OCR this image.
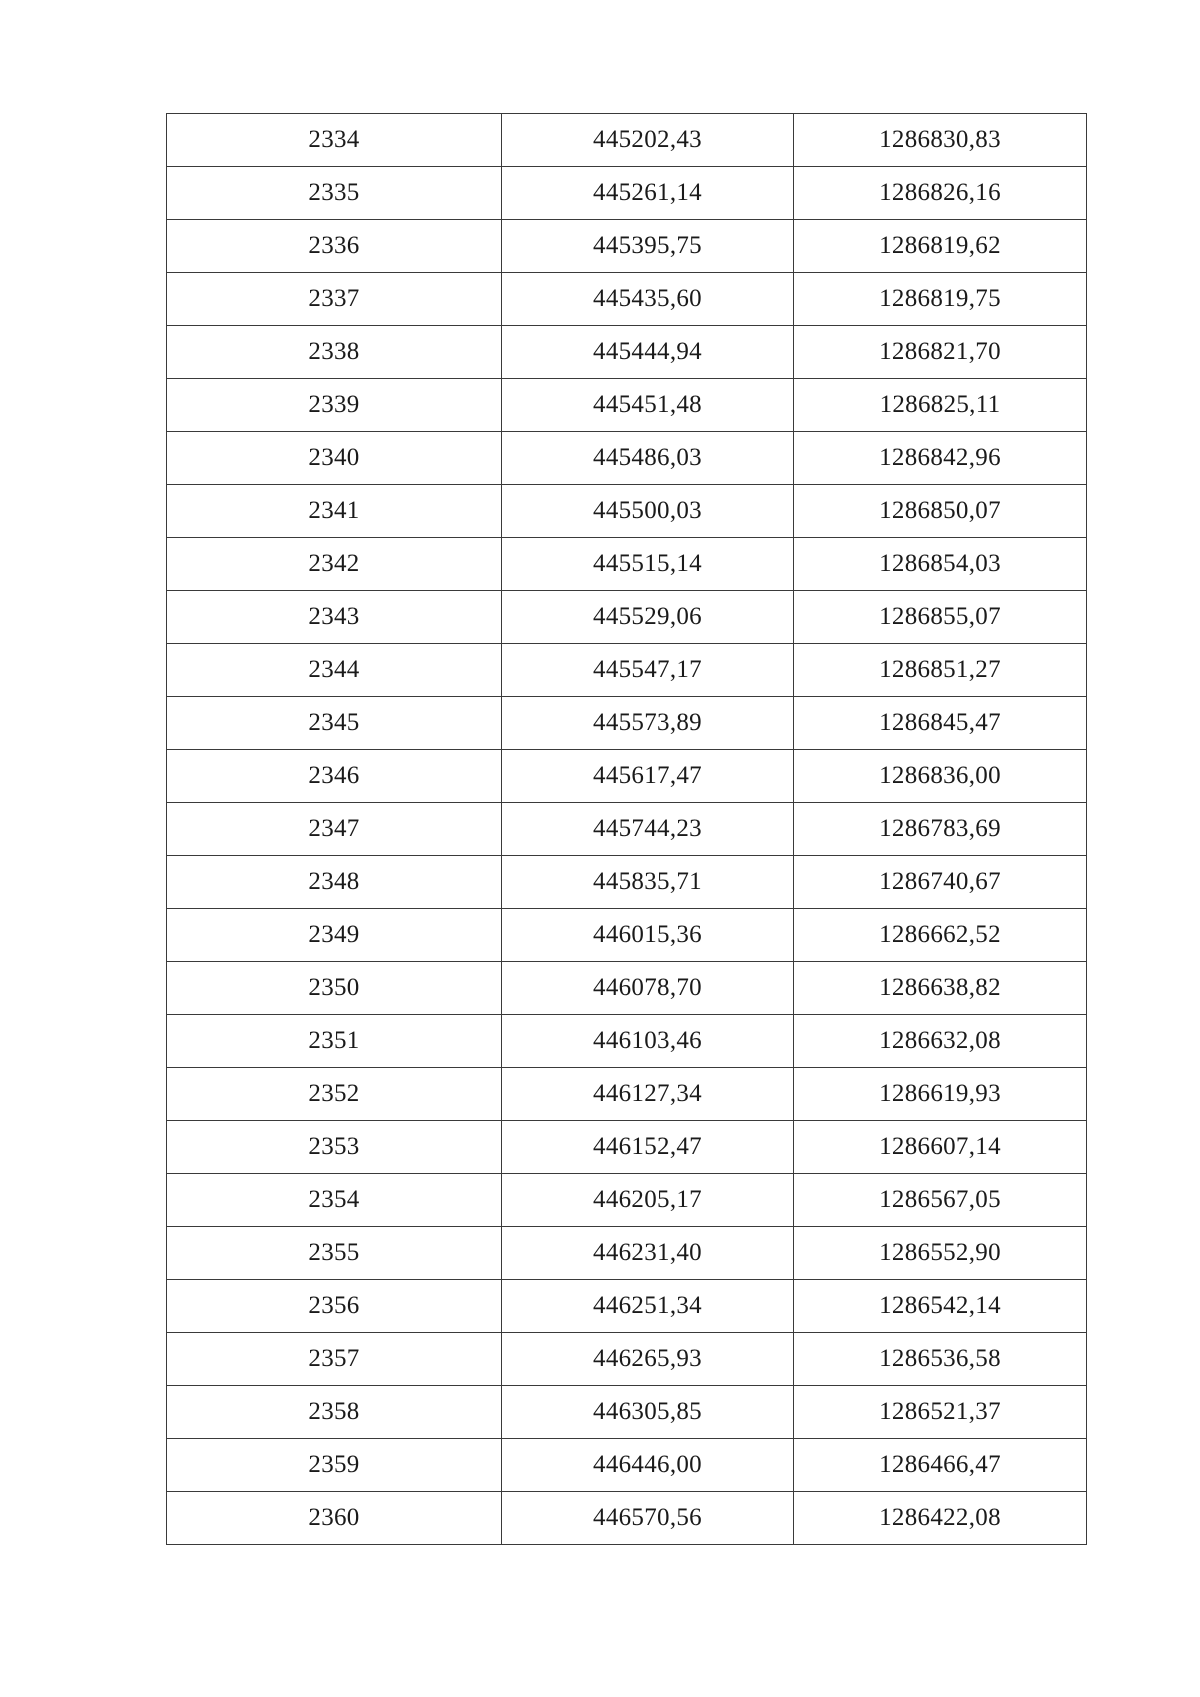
2334	445202,43	1286830,83
2335	445261,14	1286826,16
2336	445395,75	1286819,62
2337	445435,60	1286819,75
2338	445444,94	1286821,70
2339	445451,48	1286825,11
2340	445486,03	1286842,96
2341	445500,03	1286850,07
2342	445515,14	1286854,03
2343	445529,06	1286855,07
2344	445547,17	1286851,27
2345	445573,89	1286845,47
2346	445617,47	1286836,00
2347	445744,23	1286783,69
2348	445835,71	1286740,67
2349	446015,36	1286662,52
2350	446078,70	1286638,82
2351	446103,46	1286632,08
2352	446127,34	1286619,93
2353	446152,47	1286607,14
2354	446205,17	1286567,05
2355	446231,40	1286552,90
2356	446251,34	1286542,14
2357	446265,93	1286536,58
2358	446305,85	1286521,37
2359	446446,00	1286466,47
2360	446570,56	1286422,08
